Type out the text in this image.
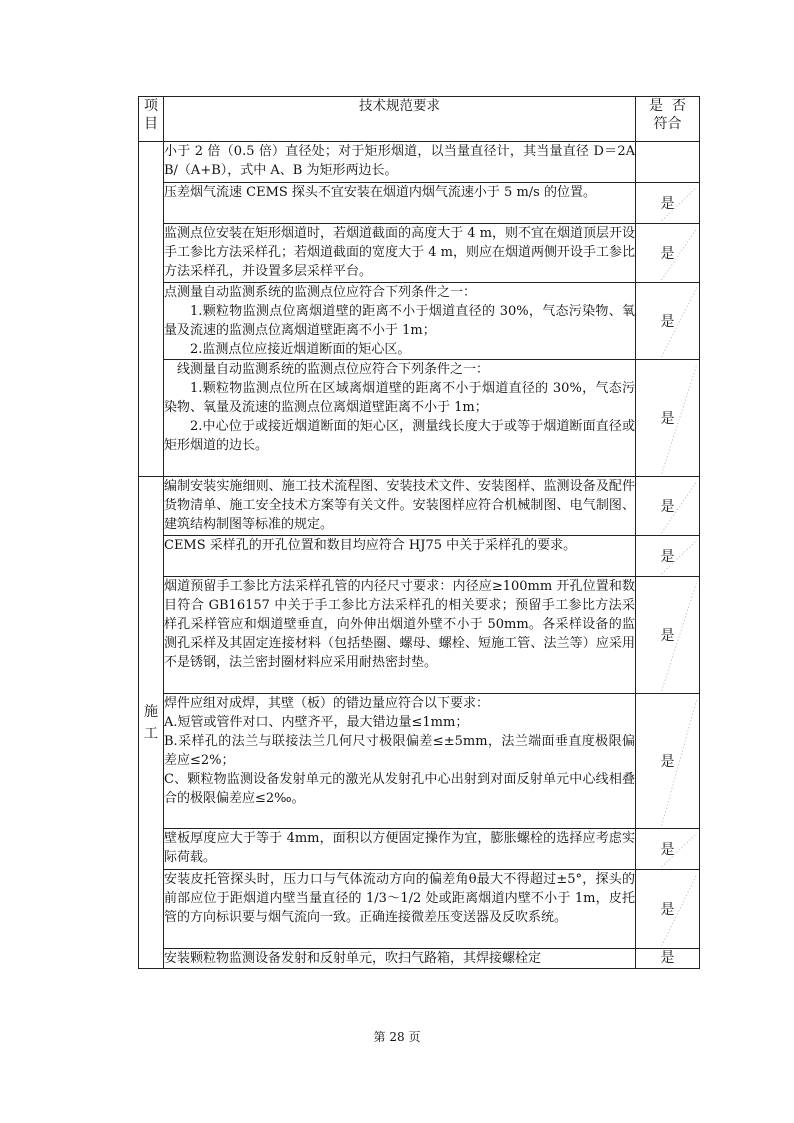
项
目	技术规范要求	是  否
符合

	小于 2 倍（0.5 倍）直径处；对于矩形烟道，以当量直径计，其当量直径 D＝2AB/（A+B），式中 A、B 为矩形两边长。	

	压差烟气流速 CEMS 探头不宜安装在烟道内烟气流速小于 5 m/s 的位置。	是

	监测点位安装在矩形烟道时，若烟道截面的高度大于 4 m，则不宜在烟道顶层开设手工参比方法采样孔；若烟道截面的宽度大于 4 m，则应在烟道两侧开设手工参比方法采样孔，并设置多层采样平台。	是

	点测量自动监测系统的监测点位应符合下列条件之一：

1.颗粒物监测点位离烟道壁的距离不小于烟道直径的 30%，气态污染物、氧量及流速的监测点位离烟道壁距离不小于 1m；

2.监测点位应接近烟道断面的矩心区。	是

	线测量自动监测系统的监测点位应符合下列条件之一：

1.颗粒物监测点位所在区域离烟道壁的距离不小于烟道直径的 30%，气态污染物、氧量及流速的监测点位离烟道壁距离不小于 1m；

2.中心位于或接近烟道断面的矩心区，测量线长度大于或等于烟道断面直径或矩形烟道的边长。	是

施
工	编制安装实施细则、施工技术流程图、安装技术文件、安装图样、监测设备及配件货物清单、施工安全技术方案等有关文件。安装图样应符合机械制图、电气制图、建筑结构制图等标准的规定。	是

	CEMS 采样孔的开孔位置和数目均应符合 HJ75 中关于采样孔的要求。	是

	烟道预留手工参比方法采样孔管的内径尺寸要求：内径应≥100mm 开孔位置和数目符合 GB16157 中关于手工参比方法采样孔的相关要求；预留手工参比方法采样孔采样管应和烟道壁垂直，向外伸出烟道外壁不小于 50mm。各采样设备的监测孔采样及其固定连接材料（包括垫圈、螺母、螺栓、短施工管、法兰等）应采用不是锈钢，法兰密封圈材料应采用耐热密封垫。	是

	焊件应组对成焊，其壁（板）的错边量应符合以下要求：

A.短管或管件对口、内壁齐平，最大错边量≤1mm；

B.采样孔的法兰与联接法兰几何尺寸极限偏差≤±5mm，法兰端面垂直度极限偏差应≤2%；

C、颗粒物监测设备发射单元的激光从发射孔中心出射到对面反射单元中心线相叠合的极限偏差应≤2‰。	是

	壁板厚度应大于等于 4mm，面积以方便固定操作为宜，膨胀螺栓的选择应考虑实际荷载。	是

	安装皮托管探头时，压力口与气体流动方向的偏差角θ最大不得超过±5°，探头的前部应位于距烟道内壁当量直径的 1/3～1/2 处或距离烟道内壁不小于 1m，皮托管的方向标识要与烟气流向一致。正确连接微差压变送器及反吹系统。	是

	安装颗粒物监测设备发射和反射单元，吹扫气路箱，其焊接螺栓定	是
第 28 页
